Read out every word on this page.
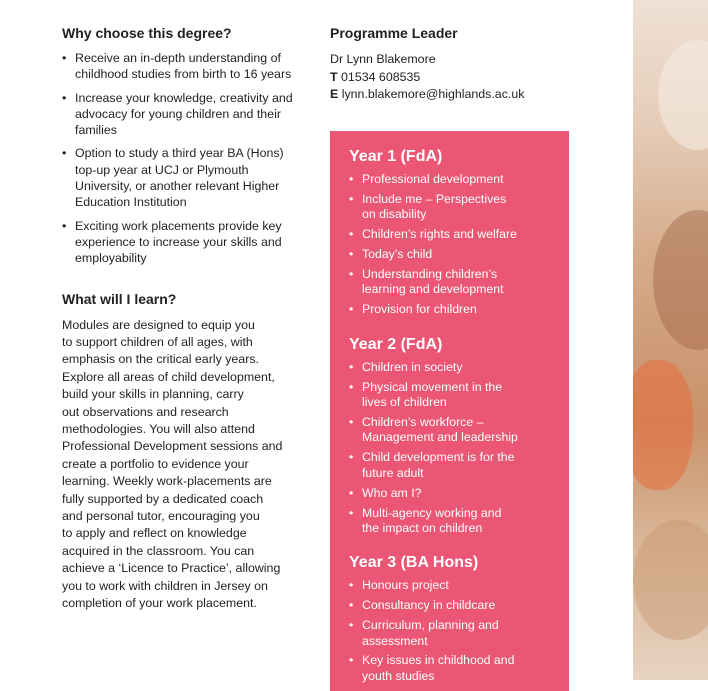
Why choose this degree?
• Receive an in-depth understanding of childhood studies from birth to 16 years
• Increase your knowledge, creativity and advocacy for young children and their families
• Option to study a third year BA (Hons) top-up year at UCJ or Plymouth University, or another relevant Higher Education Institution
• Exciting work placements provide key experience to increase your skills and employability
What will I learn?

Modules are designed to equip you
to support children of all ages, with
emphasis on the critical early years.
Explore all areas of child development,
build your skills in planning, carry
out observations and research
methodologies. You will also attend
Professional Development sessions and
create a portfolio to evidence your
learning. Weekly work-placements are
fully supported by a dedicated coach
and personal tutor, encouraging you
to apply and reflect on knowledge
acquired in the classroom. You can
achieve a ‘Licence to Practice’, allowing
you to work with children in Jersey on
completion of your work placement.

Programme Leader
Dr Lynn Blakemore
T 01534 608535
E lynn.blakemore@highlands.ac.uk
Year 1 (FdA)
• Professional development
• Include me – Perspectives
on disability
• Children’s rights and welfare
• Today’s child
• Understanding children’s
learning and development
• Provision for children
Year 2 (FdA)
• Children in society
• Physical movement in the
lives of children
• Children’s workforce –
Management and leadership
• Child development is for the
future adult
• Who am I?
• Multi-agency working and
the impact on children
Year 3 (BA Hons)
• Honours project
• Consultancy in childcare
• Curriculum, planning and
assessment
• Key issues in childhood and
youth studies
